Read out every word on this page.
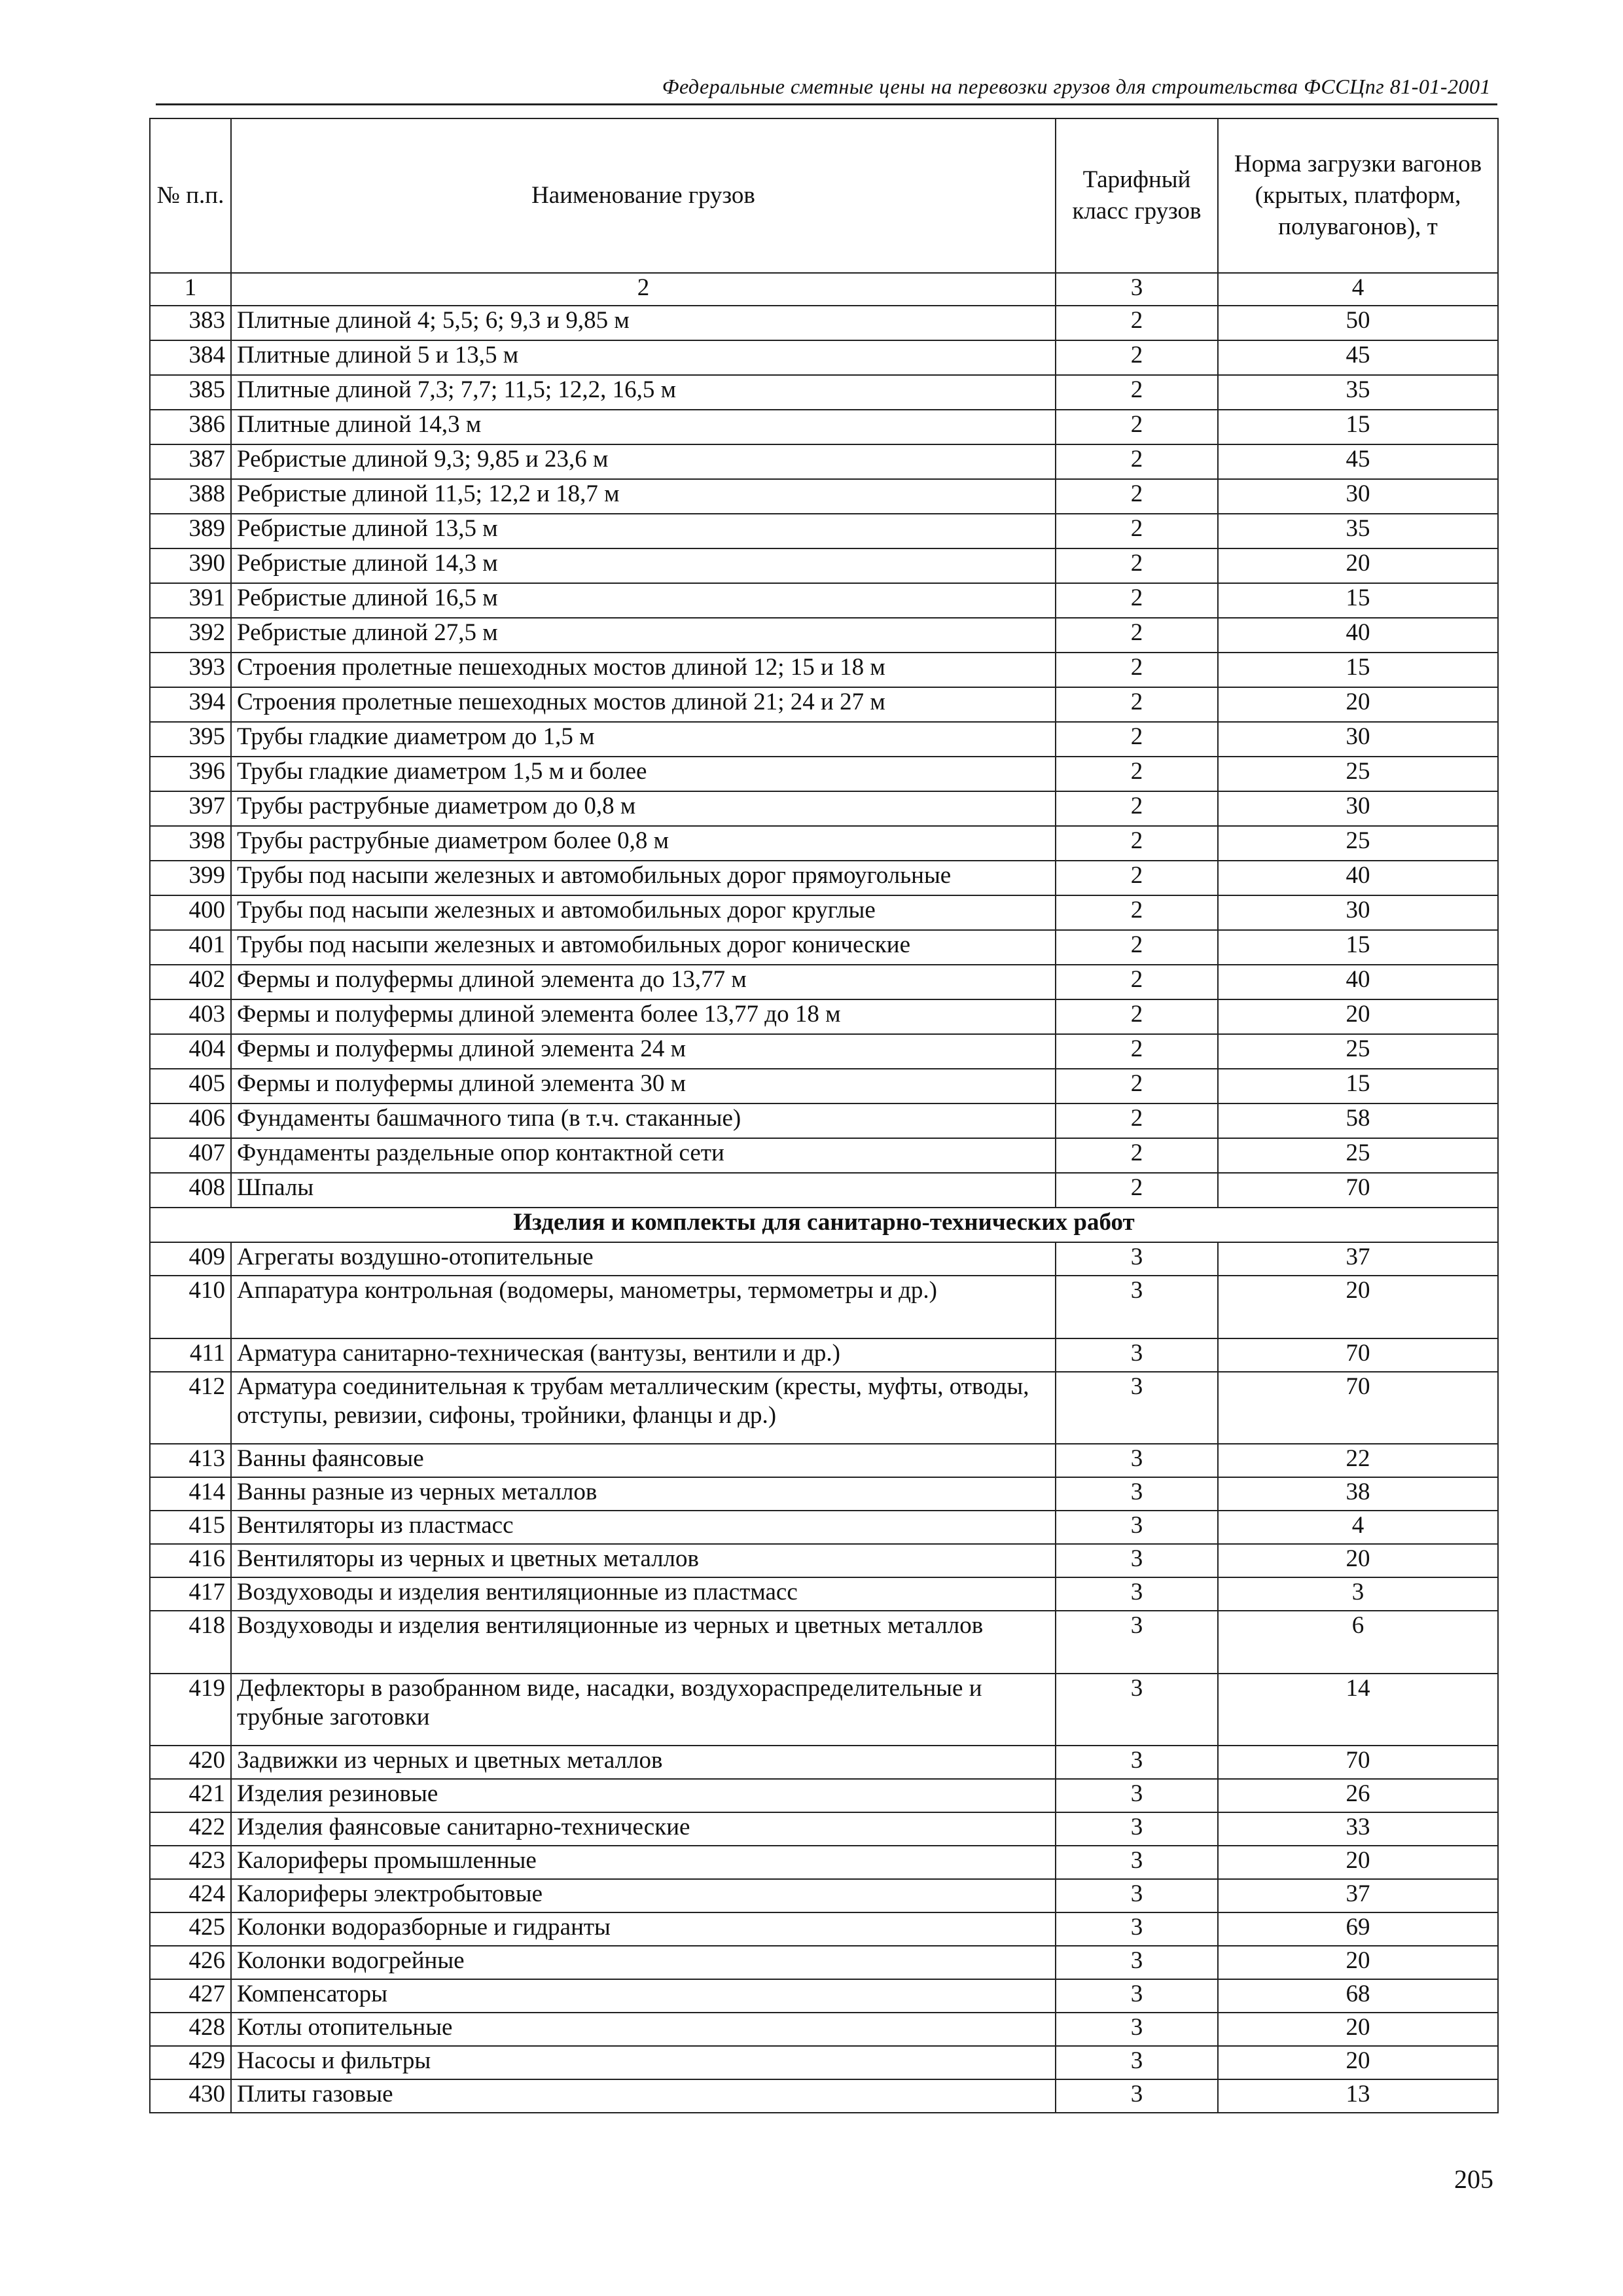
Федеральные сметные цены на перевозки грузов для строительства ФССЦпг 81-01-2001
№ п.п.	Наименование грузов	Тарифный класс грузов	Норма загрузки вагонов (крытых, платформ, полувагонов), т
1	2	3	4
383	Плитные длиной 4; 5,5; 6; 9,3 и 9,85 м	2	50
384	Плитные длиной 5 и 13,5 м	2	45
385	Плитные длиной 7,3; 7,7; 11,5; 12,2, 16,5 м	2	35
386	Плитные длиной 14,3 м	2	15
387	Ребристые длиной 9,3; 9,85 и 23,6 м	2	45
388	Ребристые длиной 11,5; 12,2 и 18,7 м	2	30
389	Ребристые длиной 13,5 м	2	35
390	Ребристые длиной 14,3 м	2	20
391	Ребристые длиной 16,5 м	2	15
392	Ребристые длиной 27,5 м	2	40
393	Строения пролетные пешеходных мостов длиной 12; 15 и 18 м	2	15
394	Строения пролетные пешеходных мостов длиной 21; 24 и 27 м	2	20
395	Трубы гладкие диаметром до 1,5 м	2	30
396	Трубы гладкие диаметром 1,5 м и более	2	25
397	Трубы раструбные диаметром до 0,8 м	2	30
398	Трубы раструбные диаметром более 0,8 м	2	25
399	Трубы под насыпи железных и автомобильных дорог прямоугольные	2	40
400	Трубы под насыпи железных и автомобильных дорог круглые	2	30
401	Трубы под насыпи железных и автомобильных дорог конические	2	15
402	Фермы и полуфермы длиной элемента до 13,77 м	2	40
403	Фермы и полуфермы длиной элемента более 13,77 до 18 м	2	20
404	Фермы и полуфермы длиной элемента 24 м	2	25
405	Фермы и полуфермы длиной элемента 30 м	2	15
406	Фундаменты башмачного типа (в т.ч. стаканные)	2	58
407	Фундаменты раздельные опор контактной сети	2	25
408	Шпалы	2	70
Изделия и комплекты для санитарно-технических работ			
409	Агрегаты воздушно-отопительные	3	37
410	Аппаратура контрольная (водомеры, манометры, термометры и др.)	3	20
411	Арматура санитарно-техническая (вантузы, вентили и др.)	3	70
412	Арматура соединительная к трубам металлическим (кресты, муфты, отводы, отступы, ревизии, сифоны, тройники, фланцы и др.)	3	70
413	Ванны фаянсовые	3	22
414	Ванны разные из черных металлов	3	38
415	Вентиляторы из пластмасс	3	4
416	Вентиляторы из черных и цветных металлов	3	20
417	Воздуховоды и изделия вентиляционные из пластмасс	3	3
418	Воздуховоды и изделия вентиляционные из черных и цветных металлов	3	6
419	Дефлекторы в разобранном виде, насадки, воздухораспределительные и трубные заготовки	3	14
420	Задвижки из черных и цветных металлов	3	70
421	Изделия резиновые	3	26
422	Изделия фаянсовые санитарно-технические	3	33
423	Калориферы промышленные	3	20
424	Калориферы электробытовые	3	37
425	Колонки водоразборные и гидранты	3	69
426	Колонки водогрейные	3	20
427	Компенсаторы	3	68
428	Котлы отопительные	3	20
429	Насосы и фильтры	3	20
430	Плиты газовые	3	13
205
